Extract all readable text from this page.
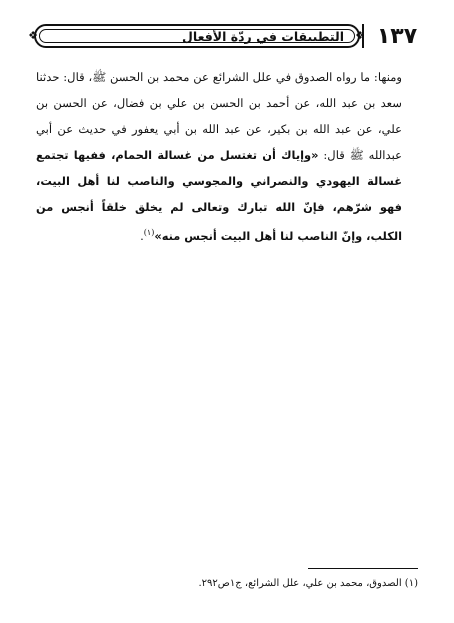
١٣٧
التطبيقات في ردّة الأفعال
❖	❖

ومنها: ما رواه الصدوق في علل الشرائع عن محمد بن الحسن ﷺ، قال: حدثنا سعد بن عبد الله، عن أحمد بن الحسن بن علي بن فضال، عن الحسن بن علي، عن عبد الله بن بكير، عن عبد الله بن أبي يعفور في حديث عن أبي عبدالله ﷺ قال: «وإياك أن تغتسل من غسالة الحمام، ففيها تجتمع غسالة اليهودي والنصراني والمجوسي والناصب لنا أهل البيت، فهو شرّهم، فإنّ الله تبارك وتعالى لم يخلق خلقاً أنجس من الكلب، وإنّ الناصب لنا أهل البيت أنجس منه»$^{(١)}$.

(١) الصدوق، محمد بن علي، علل الشرائع، ج١ص٢٩٢.
